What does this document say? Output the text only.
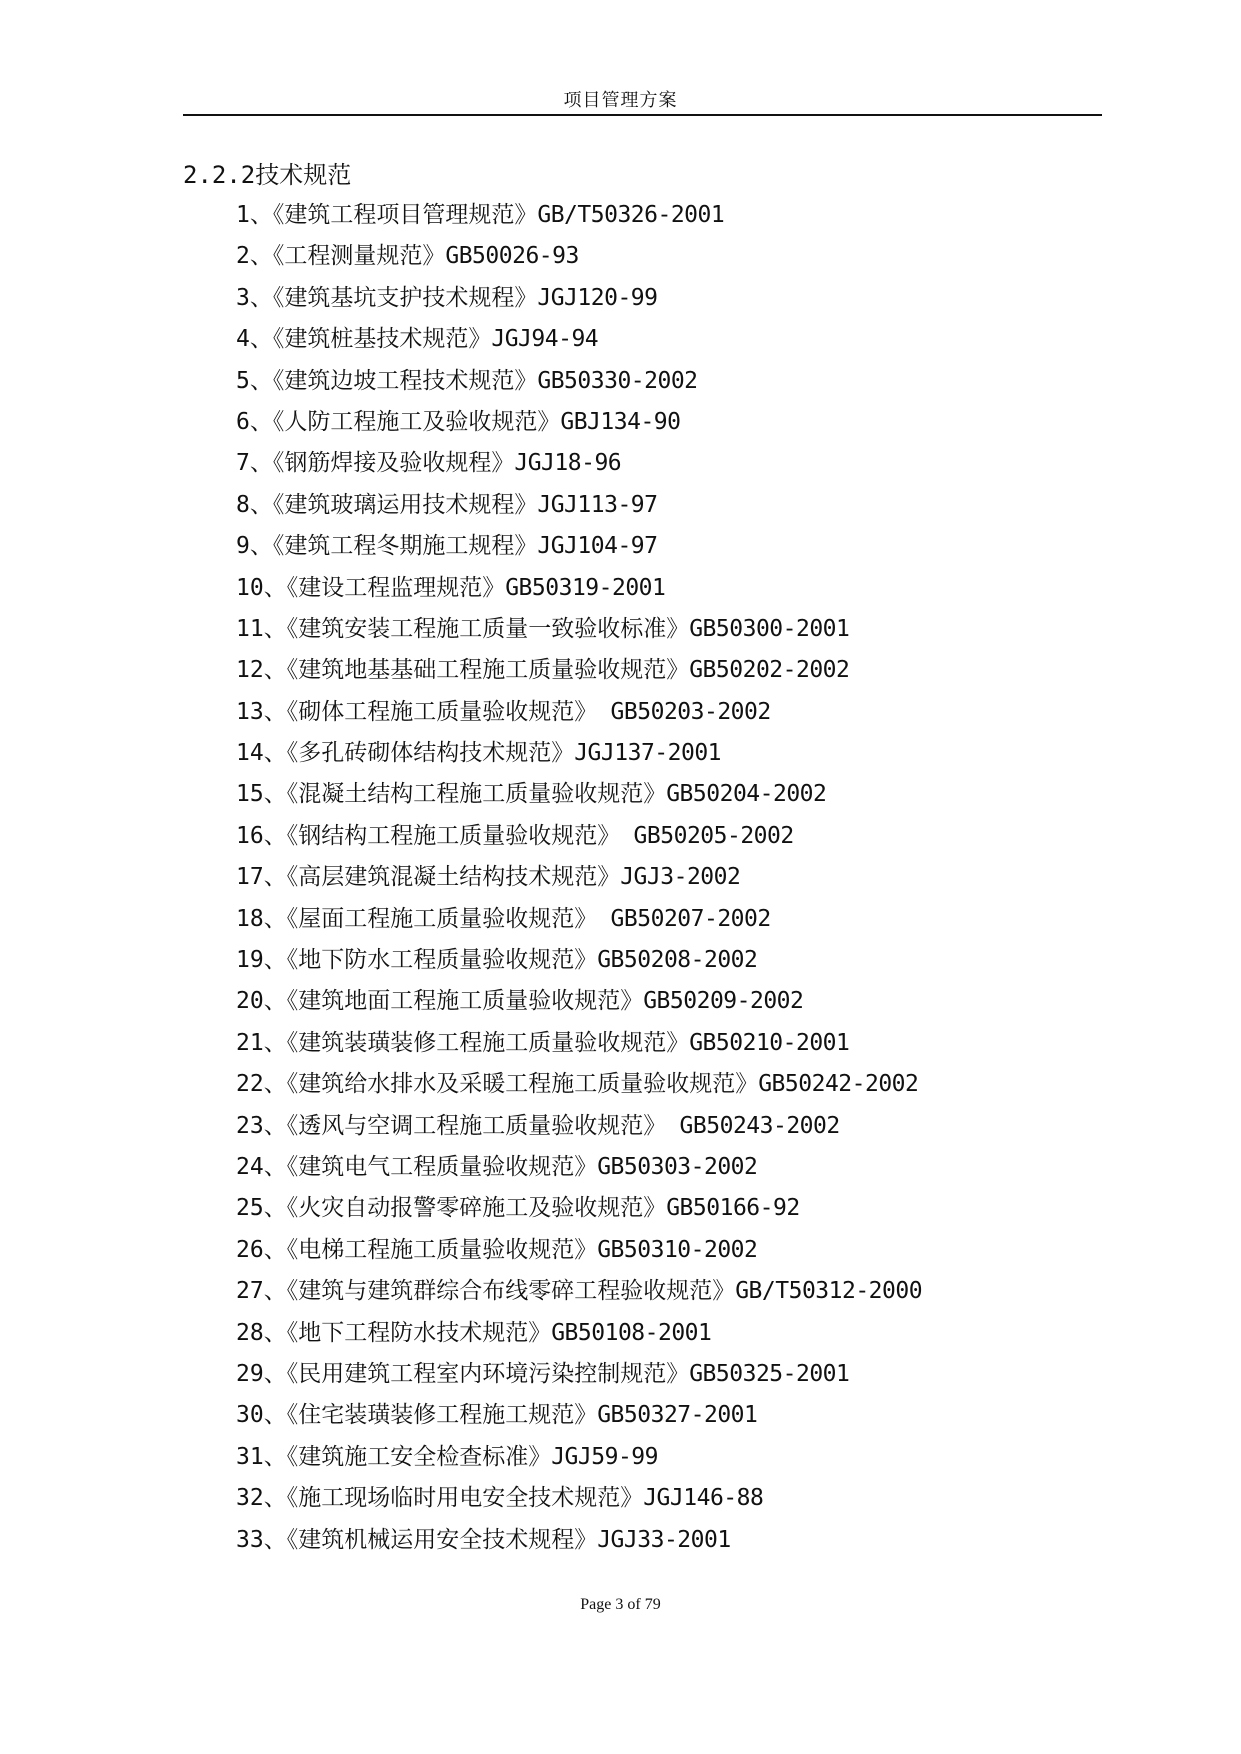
项目管理方案
2.2.2技术规范
1、《建筑工程项目管理规范》GB/T50326-2001
2、《工程测量规范》GB50026-93
3、《建筑基坑支护技术规程》JGJ120-99
4、《建筑桩基技术规范》JGJ94-94
5、《建筑边坡工程技术规范》GB50330-2002
6、《人防工程施工及验收规范》GBJ134-90
7、《钢筋焊接及验收规程》JGJ18-96
8、《建筑玻璃运用技术规程》JGJ113-97
9、《建筑工程冬期施工规程》JGJ104-97
10、《建设工程监理规范》GB50319-2001
11、《建筑安装工程施工质量一致验收标准》GB50300-2001
12、《建筑地基基础工程施工质量验收规范》GB50202-2002
13、《砌体工程施工质量验收规范》 GB50203-2002
14、《多孔砖砌体结构技术规范》JGJ137-2001
15、《混凝土结构工程施工质量验收规范》GB50204-2002
16、《钢结构工程施工质量验收规范》 GB50205-2002
17、《高层建筑混凝土结构技术规范》JGJ3-2002
18、《屋面工程施工质量验收规范》 GB50207-2002
19、《地下防水工程质量验收规范》GB50208-2002
20、《建筑地面工程施工质量验收规范》GB50209-2002
21、《建筑装璜装修工程施工质量验收规范》GB50210-2001
22、《建筑给水排水及采暖工程施工质量验收规范》GB50242-2002
23、《透风与空调工程施工质量验收规范》 GB50243-2002
24、《建筑电气工程质量验收规范》GB50303-2002
25、《火灾自动报警零碎施工及验收规范》GB50166-92
26、《电梯工程施工质量验收规范》GB50310-2002
27、《建筑与建筑群综合布线零碎工程验收规范》GB/T50312-2000
28、《地下工程防水技术规范》GB50108-2001
29、《民用建筑工程室内环境污染控制规范》GB50325-2001
30、《住宅装璜装修工程施工规范》GB50327-2001
31、《建筑施工安全检查标准》JGJ59-99
32、《施工现场临时用电安全技术规范》JGJ146-88
33、《建筑机械运用安全技术规程》JGJ33-2001
Page 3 of 79
